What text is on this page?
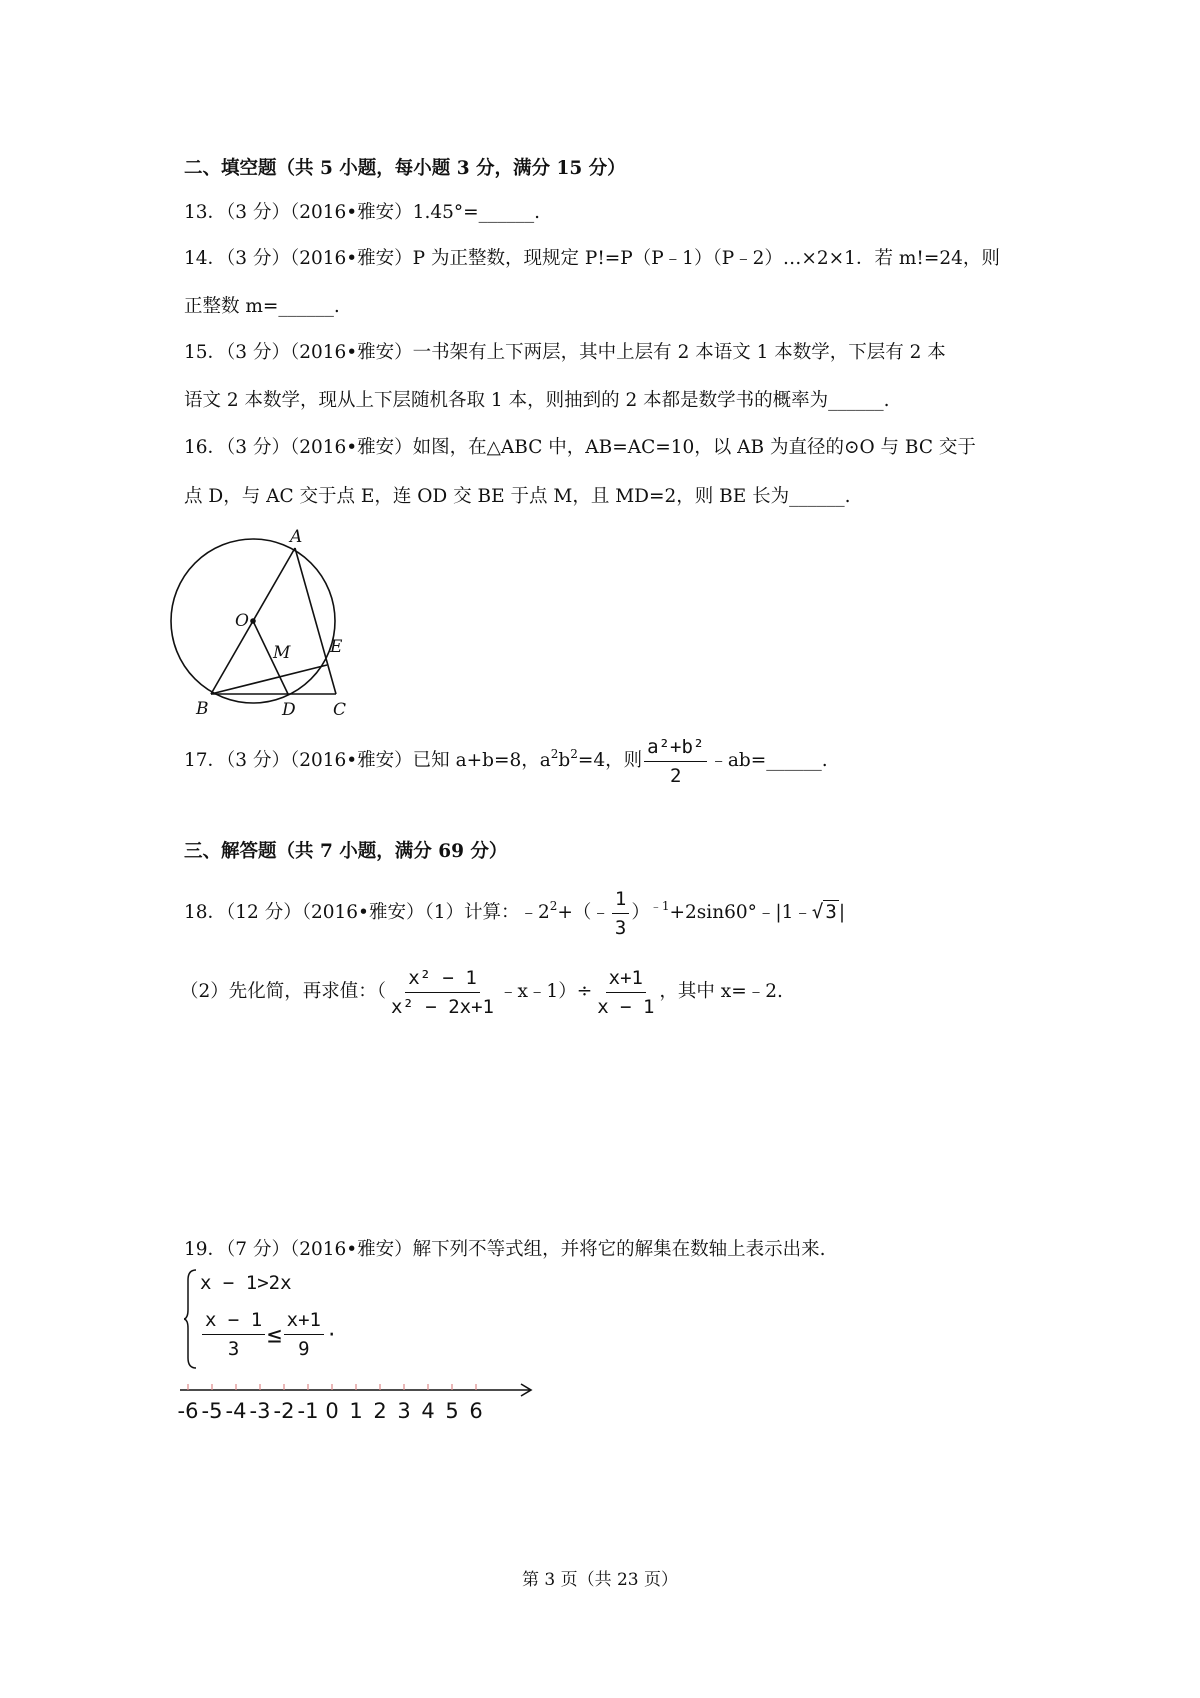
二、填空题（共 5 小题，每小题 3 分，满分 15 分）
13．（3 分）（2016•雅安）1.45°=______.
14．（3 分）（2016•雅安）P 为正整数，现规定 P!=P（P﹣1）（P﹣2）…×2×1．若 m!=24，则
正整数 m=______.
15．（3 分）（2016•雅安）一书架有上下两层，其中上层有 2 本语文 1 本数学，下层有 2 本
语文 2 本数学，现从上下层随机各取 1 本，则抽到的 2 本都是数学书的概率为______.
16．（3 分）（2016•雅安）如图，在△ABC 中，AB=AC=10，以 AB 为直径的⊙O 与 BC 交于
点 D，与 AC 交于点 E，连 OD 交 BE 于点 M，且 MD=2，则 BE 长为______.
A
O
M E
B	D C
17．（3 分）（2016•雅安）已知 a+b=8，$a^2b^2=4$，则 $\frac{\text{a²+b²}}{2}$ ﹣ab=______.
三、解答题（共 7 小题，满分 69 分）
18．（12 分）（2016•雅安）（1）计算：$﹣2^2+(﹣ \frac{1}{3}$ ）$^{﹣1}$+2sin60°﹣|1﹣√ 3 |
（2）先化简，再求值：（ $\frac{\text{x² − 1}}{\text{x² − 2x+1}}$ ﹣x﹣1）÷ $\frac{x+1}{x - 1}$ ，其中 x=﹣2.
19．（7 分）（2016•雅安）解下列不等式组，并将它的解集在数轴上表示出来.
x − 1>2x
$\frac{x - 1}{3} \le \frac{x+1}{9}$ ·
-6 -5 -4 -3 -2 -1 0 1 2 3 4 5 6
第 3 页（共 23 页）
